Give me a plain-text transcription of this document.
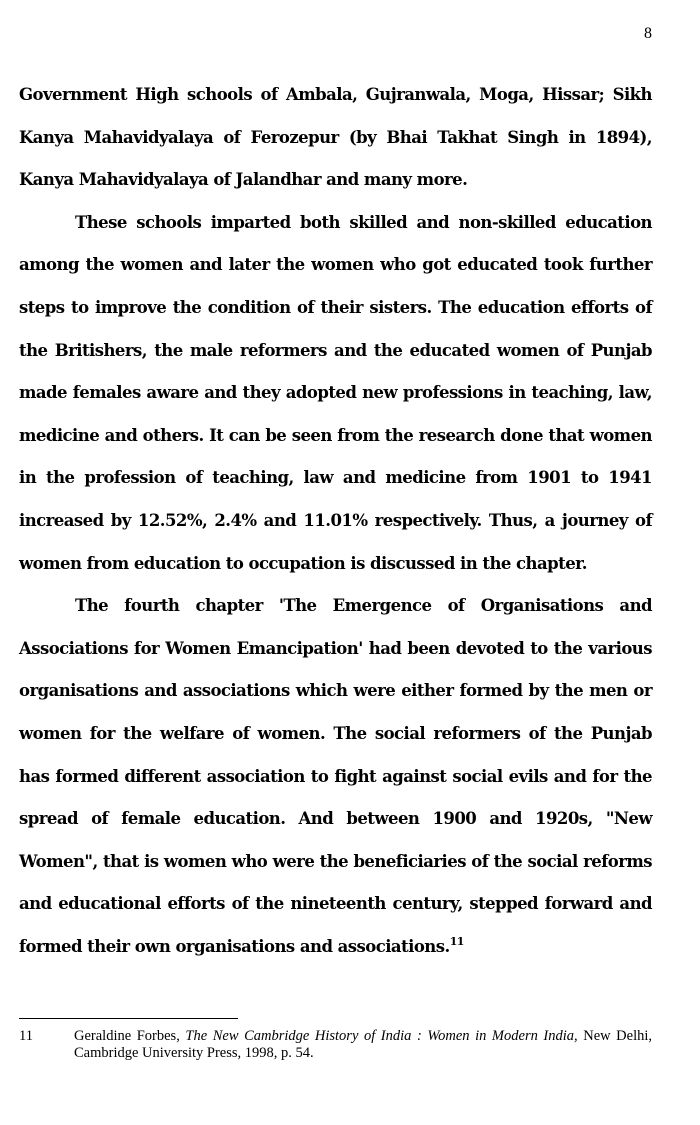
8

Government High schools of Ambala, Gujranwala, Moga, Hissar; Sikh Kanya Mahavidyalaya of Ferozepur (by Bhai Takhat Singh in 1894), Kanya Mahavidyalaya of Jalandhar and many more.

These schools imparted both skilled and non-skilled education among the women and later the women who got educated took further steps to improve the condition of their sisters. The education efforts of the Britishers, the male reformers and the educated women of Punjab made females aware and they adopted new professions in teaching, law, medicine and others. It can be seen from the research done that women in the profession of teaching, law and medicine from 1901 to 1941 increased by 12.52%, 2.4% and 11.01% respectively. Thus, a journey of women from education to occupation is discussed in the chapter.

The fourth chapter 'The Emergence of Organisations and Associations for Women Emancipation' had been devoted to the various organisations and associations which were either formed by the men or women for the welfare of women. The social reformers of the Punjab has formed different association to fight against social evils and for the spread of female education. And between 1900 and 1920s, "New Women", that is women who were the beneficiaries of the social reforms and educational efforts of the nineteenth century, stepped forward and formed their own organisations and associations.$^{11}$

11	Geraldine Forbes, The New Cambridge History of India : Women in Modern India, New Delhi, Cambridge University Press, 1998, p. 54.
